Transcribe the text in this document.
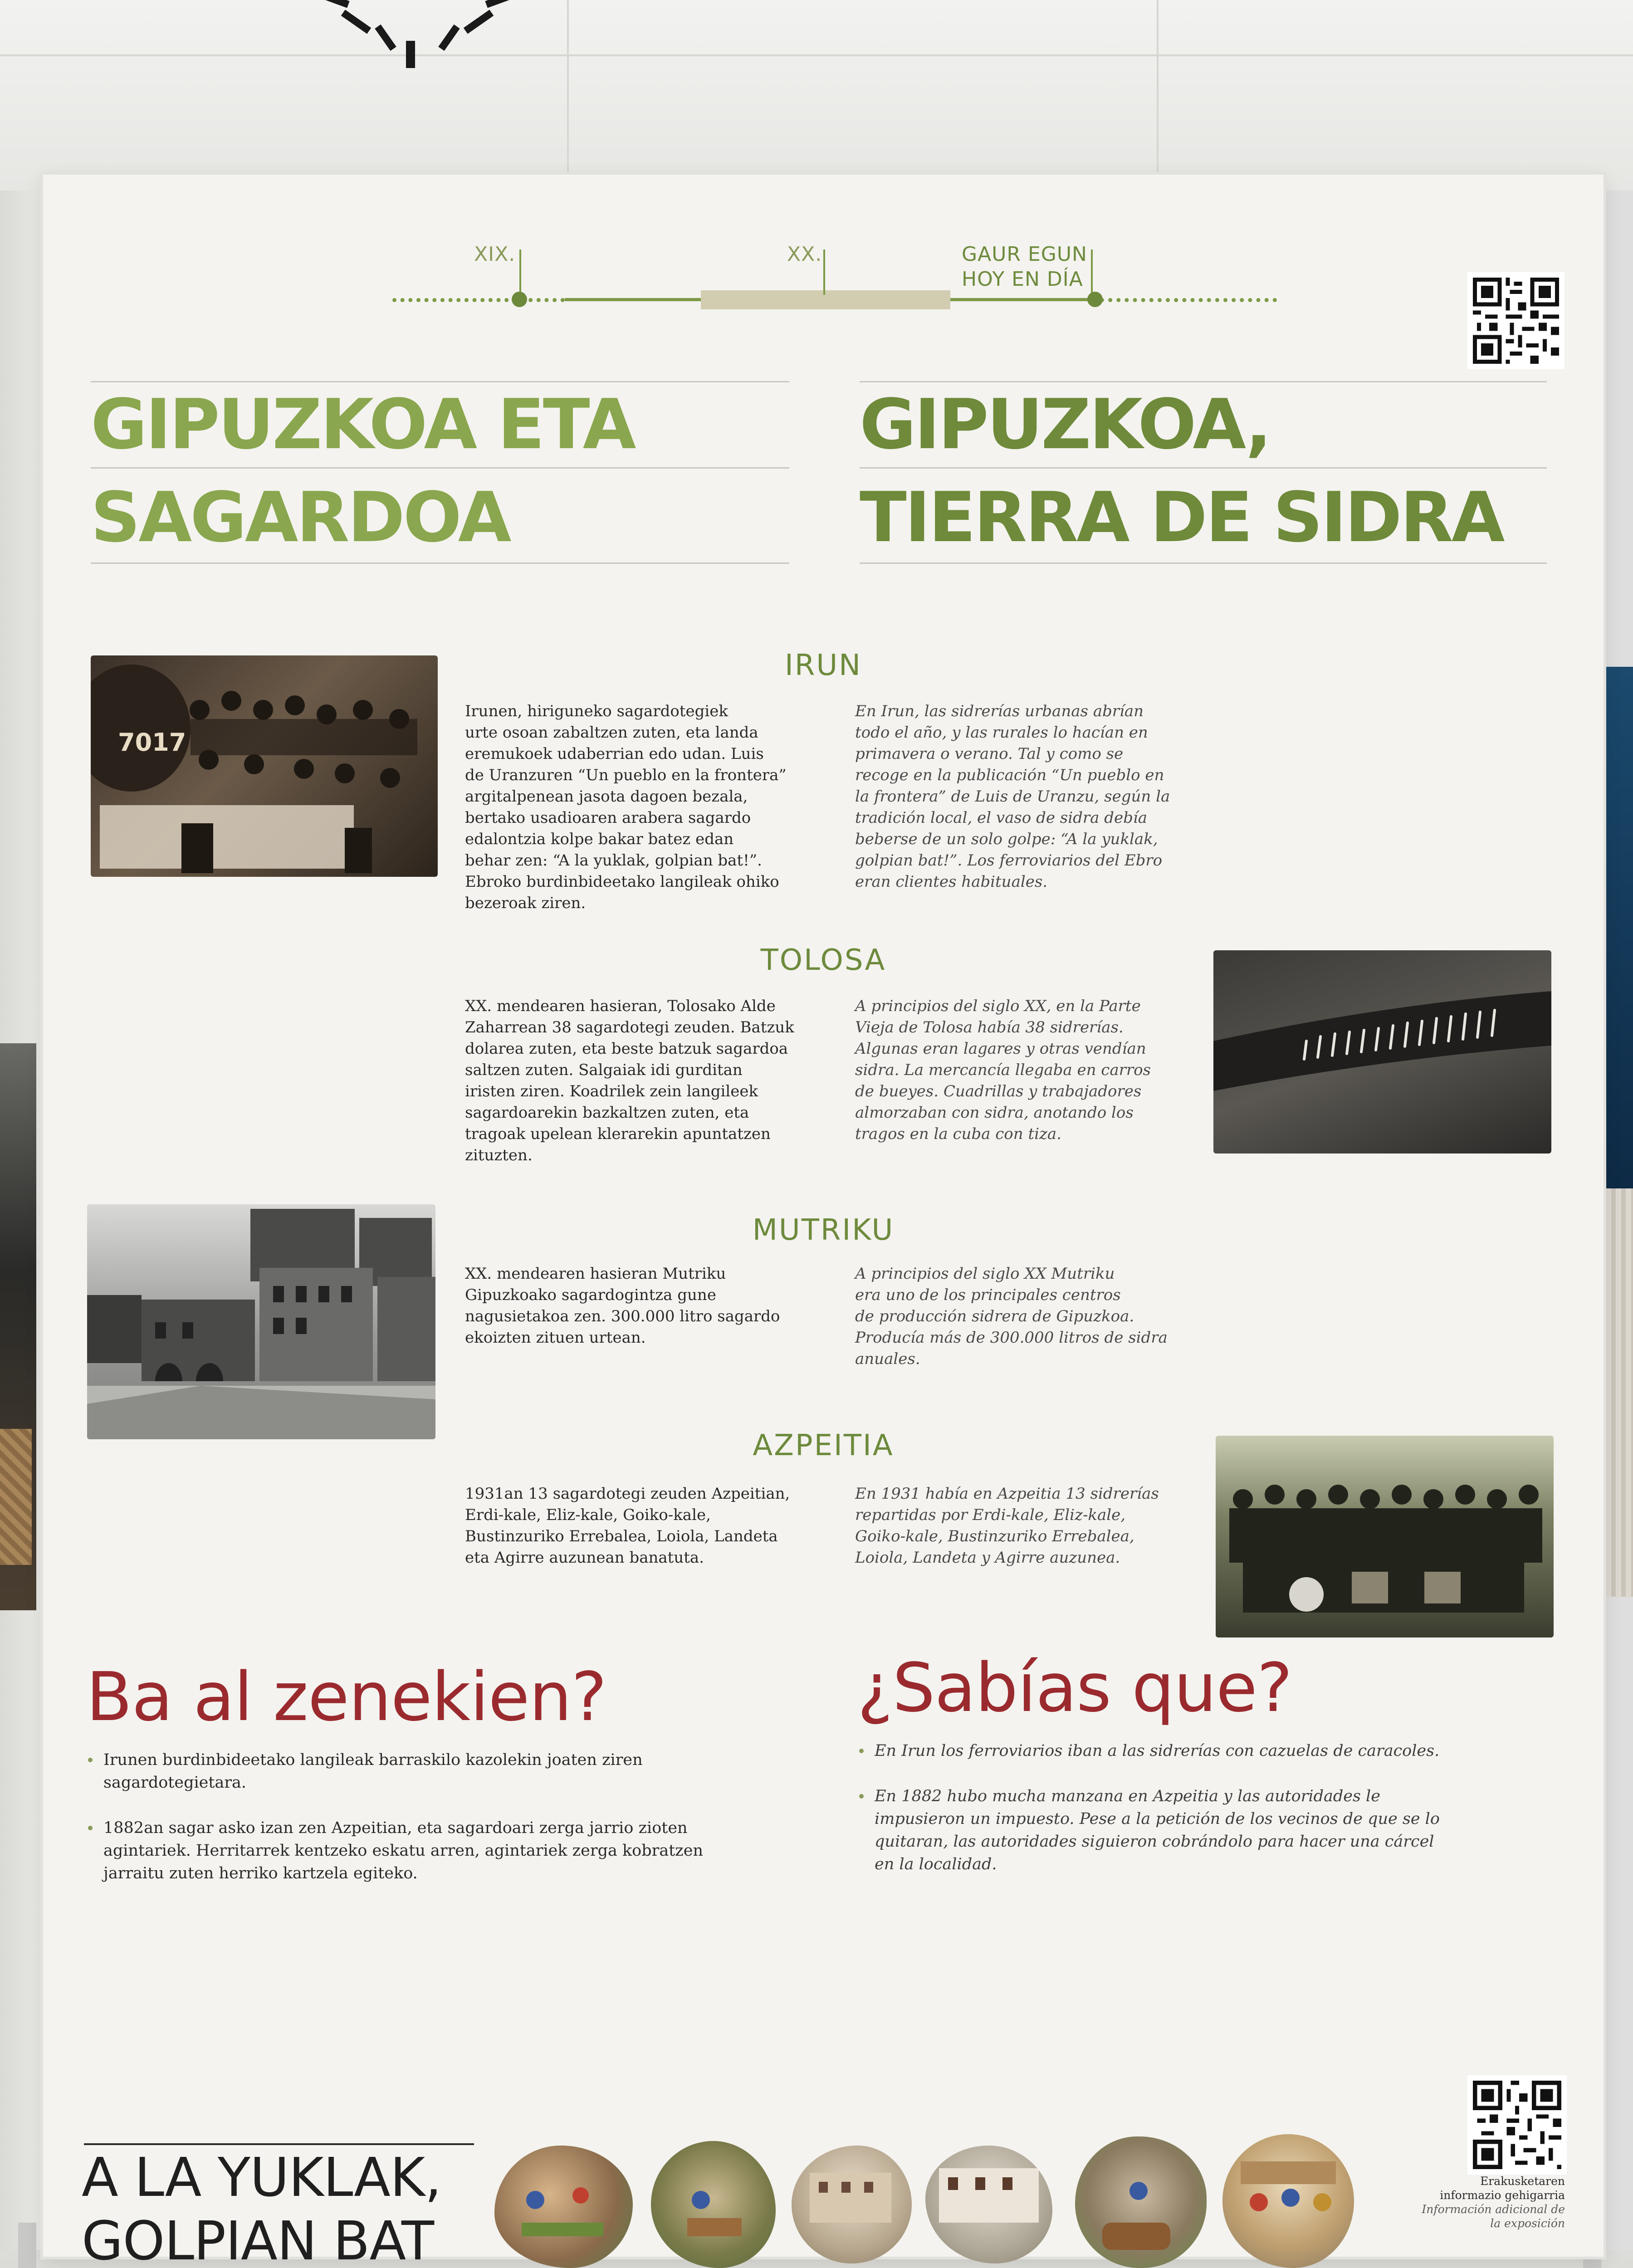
XIX.	XX.	GAUR EGUN
HOY EN DÍA
GIPUZKOA ETA
SAGARDOA
GIPUZKOA,
TIERRA DE SIDRA
IRUN
7017
Irunen, hiriguneko sagardotegiek
urte osoan zabaltzen zuten, eta landa
eremukoek udaberrian edo udan. Luis
de Uranzuren “Un pueblo en la frontera”
argitalpenean jasota dagoen bezala,
bertako usadioaren arabera sagardo
edalontzia kolpe bakar batez edan
behar zen: “A la yuklak, golpian bat!”.
Ebroko burdinbideetako langileak ohiko
bezeroak ziren.
En Irun, las sidrerías urbanas abrían
todo el año, y las rurales lo hacían en
primavera o verano. Tal y como se
recoge en la publicación “Un pueblo en
la frontera” de Luis de Uranzu, según la
tradición local, el vaso de sidra debía
beberse de un solo golpe: “A la yuklak,
golpian bat!”. Los ferroviarios del Ebro
eran clientes habituales.
TOLOSA
XX. mendearen hasieran, Tolosako Alde
Zaharrean 38 sagardotegi zeuden. Batzuk
dolarea zuten, eta beste batzuk sagardoa
saltzen zuten. Salgaiak idi gurditan
iristen ziren. Koadrilek zein langileek
sagardoarekin bazkaltzen zuten, eta
tragoak upelean klerarekin apuntatzen
zituzten.
A principios del siglo XX, en la Parte
Vieja de Tolosa había 38 sidrerías.
Algunas eran lagares y otras vendían
sidra. La mercancía llegaba en carros
de bueyes. Cuadrillas y trabajadores
almorzaban con sidra, anotando los
tragos en la cuba con tiza.
MUTRIKU
XX. mendearen hasieran Mutriku
Gipuzkoako sagardogintza gune
nagusietakoa zen. 300.000 litro sagardo
ekoizten zituen urtean.
A principios del siglo XX Mutriku
era uno de los principales centros
de producción sidrera de Gipuzkoa.
Producía más de 300.000 litros de sidra
anuales.
AZPEITIA
1931an 13 sagardotegi zeuden Azpeitian,
Erdi-kale, Eliz-kale, Goiko-kale,
Bustinzuriko Errebalea, Loiola, Landeta
eta Agirre auzunean banatuta.
En 1931 había en Azpeitia 13 sidrerías
repartidas por Erdi-kale, Eliz-kale,
Goiko-kale, Bustinzuriko Errebalea,
Loiola, Landeta y Agirre auzunea.
Ba al zenekien?	¿Sabías que?
Irunen burdinbideetako langileak barraskilo kazolekin joaten ziren
sagardotegietara.
1882an sagar asko izan zen Azpeitian, eta sagardoari zerga jarrio zioten
agintariek. Herritarrek kentzeko eskatu arren, agintariek zerga kobratzen
jarraitu zuten herriko kartzela egiteko.
En Irun los ferroviarios iban a las sidrerías con cazuelas de caracoles.
En 1882 hubo mucha manzana en Azpeitia y las autoridades le
impusieron un impuesto. Pese a la petición de los vecinos de que se lo
quitaran, las autoridades siguieron cobrándolo para hacer una cárcel
en la localidad.
A LA YUKLAK,
GOLPIAN BAT
Erakusketaren
informazio gehigarria
Información adicional de
la exposición
